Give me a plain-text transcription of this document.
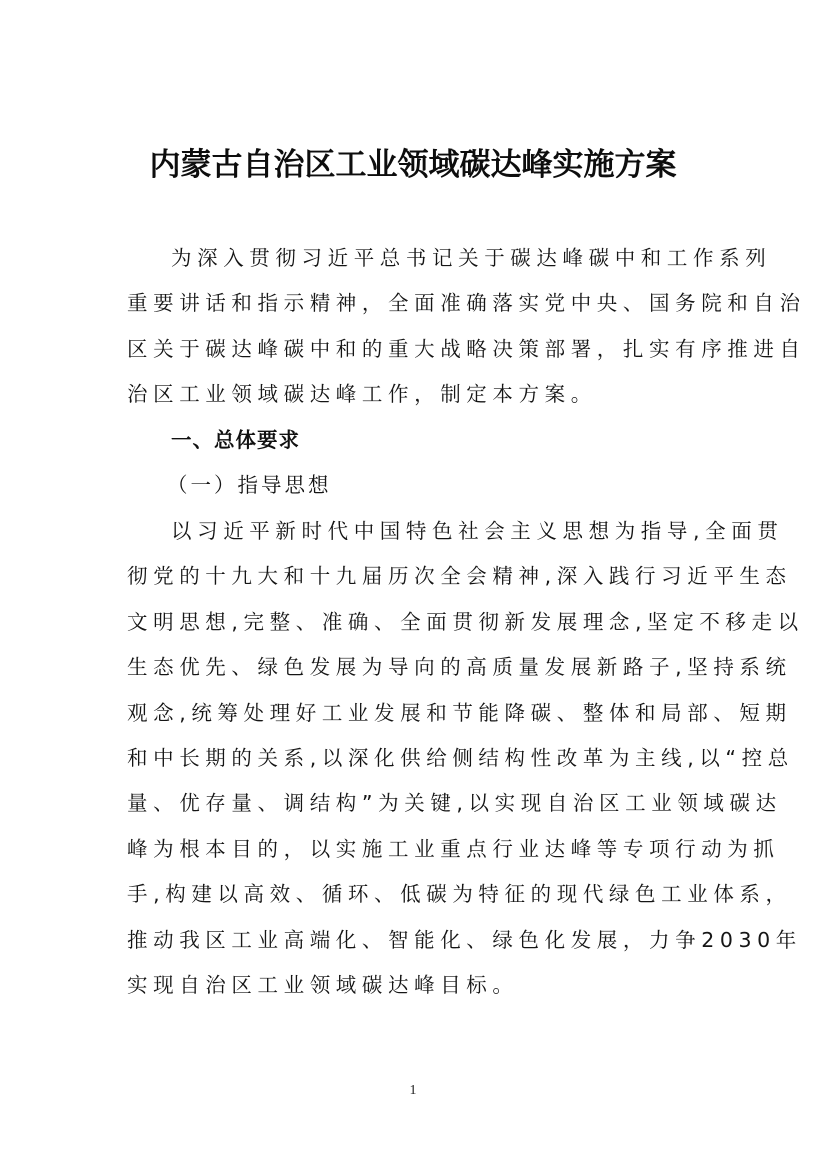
内蒙古自治区工业领域碳达峰实施方案
为深入贯彻习近平总书记关于碳达峰碳中和工作系列
重要讲话和指示精神，全面准确落实党中央、国务院和自治
区关于碳达峰碳中和的重大战略决策部署，扎实有序推进自
治区工业领域碳达峰工作，制定本方案。
一、总体要求
（一）指导思想
以习近平新时代中国特色社会主义思想为指导,全面贯
彻党的十九大和十九届历次全会精神,深入践行习近平生态
文明思想,完整、准确、全面贯彻新发展理念,坚定不移走以
生态优先、绿色发展为导向的高质量发展新路子,坚持系统
观念,统筹处理好工业发展和节能降碳、整体和局部、短期
和中长期的关系,以深化供给侧结构性改革为主线,以“控总
量、优存量、调结构”为关键,以实现自治区工业领域碳达
峰为根本目的，以实施工业重点行业达峰等专项行动为抓
手,构建以高效、循环、低碳为特征的现代绿色工业体系，
推动我区工业高端化、智能化、绿色化发展，力争2030年
实现自治区工业领域碳达峰目标。
1
